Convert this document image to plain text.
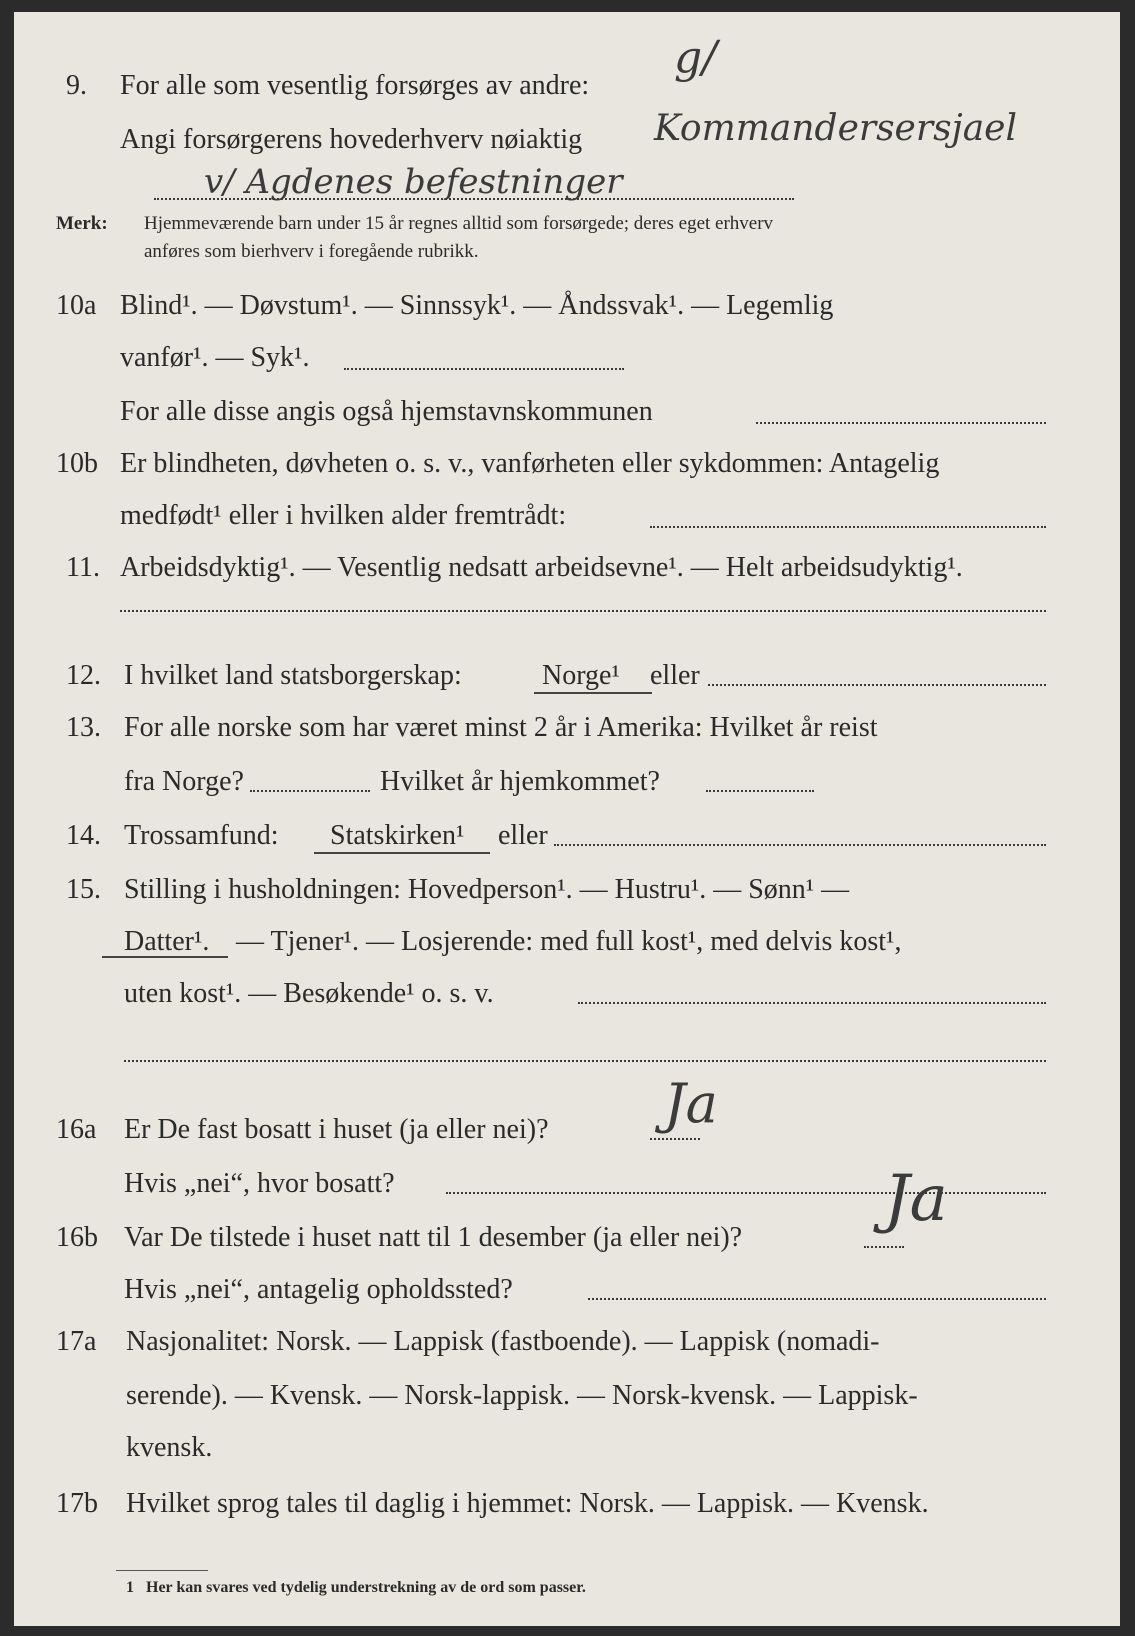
9. For alle som vesentlig forsørges av andre:
g/
Angi forsørgerens hovederhverv nøiaktig Kommandersersjael
v/ Agdenes befestninger
Merk: Hjemmeværende barn under 15 år regnes alltid som forsørgede; deres eget erhverv
anføres som bierhverv i foregående rubrikk.
10a Blind¹. — Døvstum¹. — Sinnssyk¹. — Åndssvak¹. — Legemlig
vanfør¹. — Syk¹.
For alle disse angis også hjemstavnskommunen
10b Er blindheten, døvheten o. s. v., vanførheten eller sykdommen: Antagelig
medfødt¹ eller i hvilken alder fremtrådt:
11. Arbeidsdyktig¹. — Vesentlig nedsatt arbeidsevne¹. — Helt arbeidsudyktig¹.
12. I hvilket land statsborgerskap:	Norge¹ eller
13. For alle norske som har været minst 2 år i Amerika: Hvilket år reist
fra Norge?	Hvilket år hjemkommet?
14. Trossamfund: Statskirken¹ eller
15. Stilling i husholdningen: Hovedperson¹. — Hustru¹. — Sønn¹ —
Datter¹. — Tjener¹. — Losjerende: med full kost¹, med delvis kost¹,
uten kost¹. — Besøkende¹ o. s. v.
16a Er De fast bosatt i huset (ja eller nei)? Ja
Hvis „nei“, hvor bosatt?
16b Var De tilstede i huset natt til 1 desember (ja eller nei)?
Ja
Hvis „nei“, antagelig opholdssted?
17a Nasjonalitet: Norsk. — Lappisk (fastboende). — Lappisk (nomadi-
serende). — Kvensk. — Norsk-lappisk. — Norsk-kvensk. — Lappisk-
kvensk.
17b Hvilket sprog tales til daglig i hjemmet: Norsk. — Lappisk. — Kvensk.
1 Her kan svares ved tydelig understrekning av de ord som passer.
